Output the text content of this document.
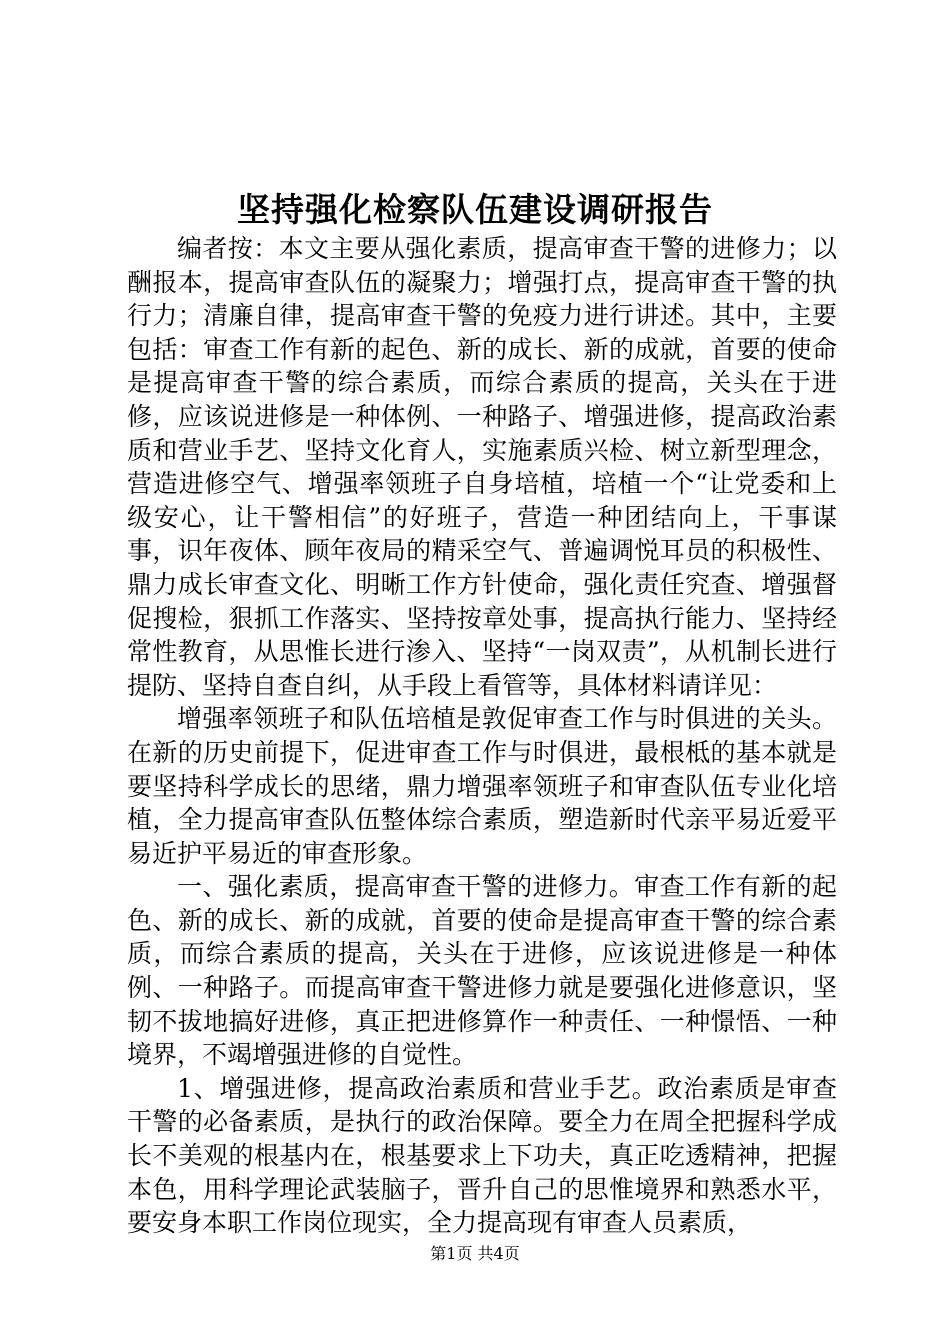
坚持强化检察队伍建设调研报告

编者按：本文主要从强化素质，提高审查干警的进修力；以酬报本，提高审查队伍的凝聚力；增强打点，提高审查干警的执行力；清廉自律，提高审查干警的免疫力进行讲述。其中，主要包括：审查工作有新的起色、新的成长、新的成就，首要的使命是提高审查干警的综合素质，而综合素质的提高，关头在于进修，应该说进修是一种体例、一种路子、增强进修，提高政治素质和营业手艺、坚持文化育人，实施素质兴检、树立新型理念，营造进修空气、增强率领班子自身培植，培植一个“让党委和上级安心，让干警相信”的好班子，营造一种团结向上，干事谋事，识年夜体、顾年夜局的精采空气、普遍调悦耳员的积极性、鼎力成长审查文化、明晰工作方针使命，强化责任究查、增强督促搜检，狠抓工作落实、坚持按章处事，提高执行能力、坚持经常性教育，从思惟长进行渗入、坚持“一岗双责”，从机制长进行提防、坚持自查自纠，从手段上看管等，具体材料请详见：

增强率领班子和队伍培植是敦促审查工作与时俱进的关头。在新的历史前提下，促进审查工作与时俱进，最根柢的基本就是要坚持科学成长的思绪，鼎力增强率领班子和审查队伍专业化培植，全力提高审查队伍整体综合素质，塑造新时代亲平易近爱平易近护平易近的审查形象。

一、强化素质，提高审查干警的进修力。审查工作有新的起色、新的成长、新的成就，首要的使命是提高审查干警的综合素质，而综合素质的提高，关头在于进修，应该说进修是一种体例、一种路子。而提高审查干警进修力就是要强化进修意识，坚韧不拔地搞好进修，真正把进修算作一种责任、一种憬悟、一种境界，不竭增强进修的自觉性。

1、增强进修，提高政治素质和营业手艺。政治素质是审查干警的必备素质，是执行的政治保障。要全力在周全把握科学成长不美观的根基内在，根基要求上下功夫，真正吃透精神，把握本色，用科学理论武装脑子，晋升自己的思惟境界和熟悉水平，要安身本职工作岗位现实，全力提高现有审查人员素质，

第1页 共4页
